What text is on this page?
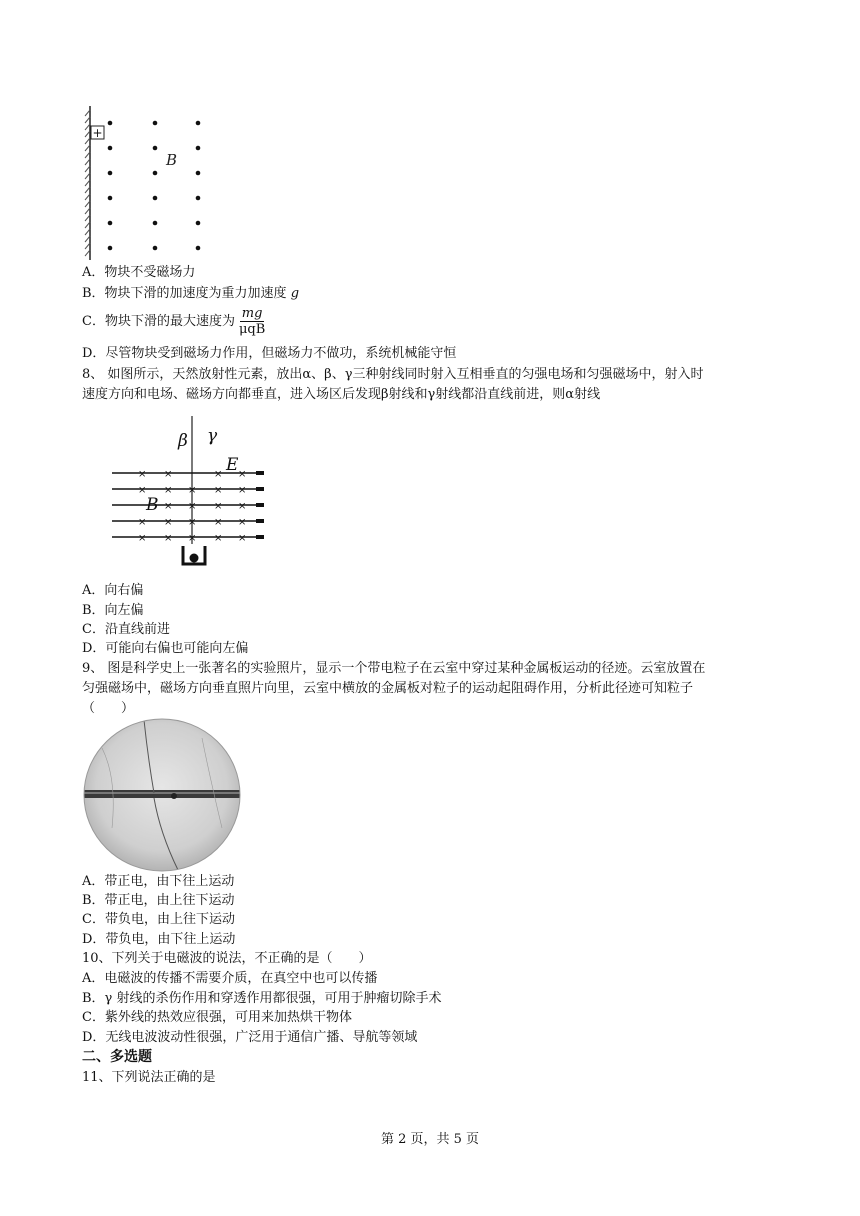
+
B
A．物块不受磁场力
B．物块下滑的加速度为重力加速度 g
C．物块下滑的最大速度为 $\frac{mg}{\text{μqB}}$
D．尽管物块受到磁场力作用，但磁场力不做功，系统机械能守恒
8、 如图所示，天然放射性元素，放出α、β、γ三种射线同时射入互相垂直的匀强电场和匀强磁场中，射入时
速度方向和电场、磁场方向都垂直，进入场区后发现β射线和γ射线都沿直线前进，则α射线
β γ
E
B
× ×	× ×
× × × × ×
× × × ×
× × × × ×
× × × × ×
A．向右偏
B．向左偏
C．沿直线前进
D．可能向右偏也可能向左偏
9、 图是科学史上一张著名的实验照片，显示一个带电粒子在云室中穿过某种金属板运动的径迹。云室放置在
匀强磁场中，磁场方向垂直照片向里，云室中横放的金属板对粒子的运动起阻碍作用，分析此径迹可知粒子
（　　）
A．带正电，由下往上运动
B．带正电，由上往下运动
C．带负电，由上往下运动
D．带负电，由下往上运动
10、下列关于电磁波的说法，不正确的是（　　）
A．电磁波的传播不需要介质，在真空中也可以传播
B．γ 射线的杀伤作用和穿透作用都很强，可用于肿瘤切除手术
C．紫外线的热效应很强，可用来加热烘干物体
D．无线电波波动性很强，广泛用于通信广播、导航等领域
二、多选题
11、下列说法正确的是
第 2 页，共 5 页
